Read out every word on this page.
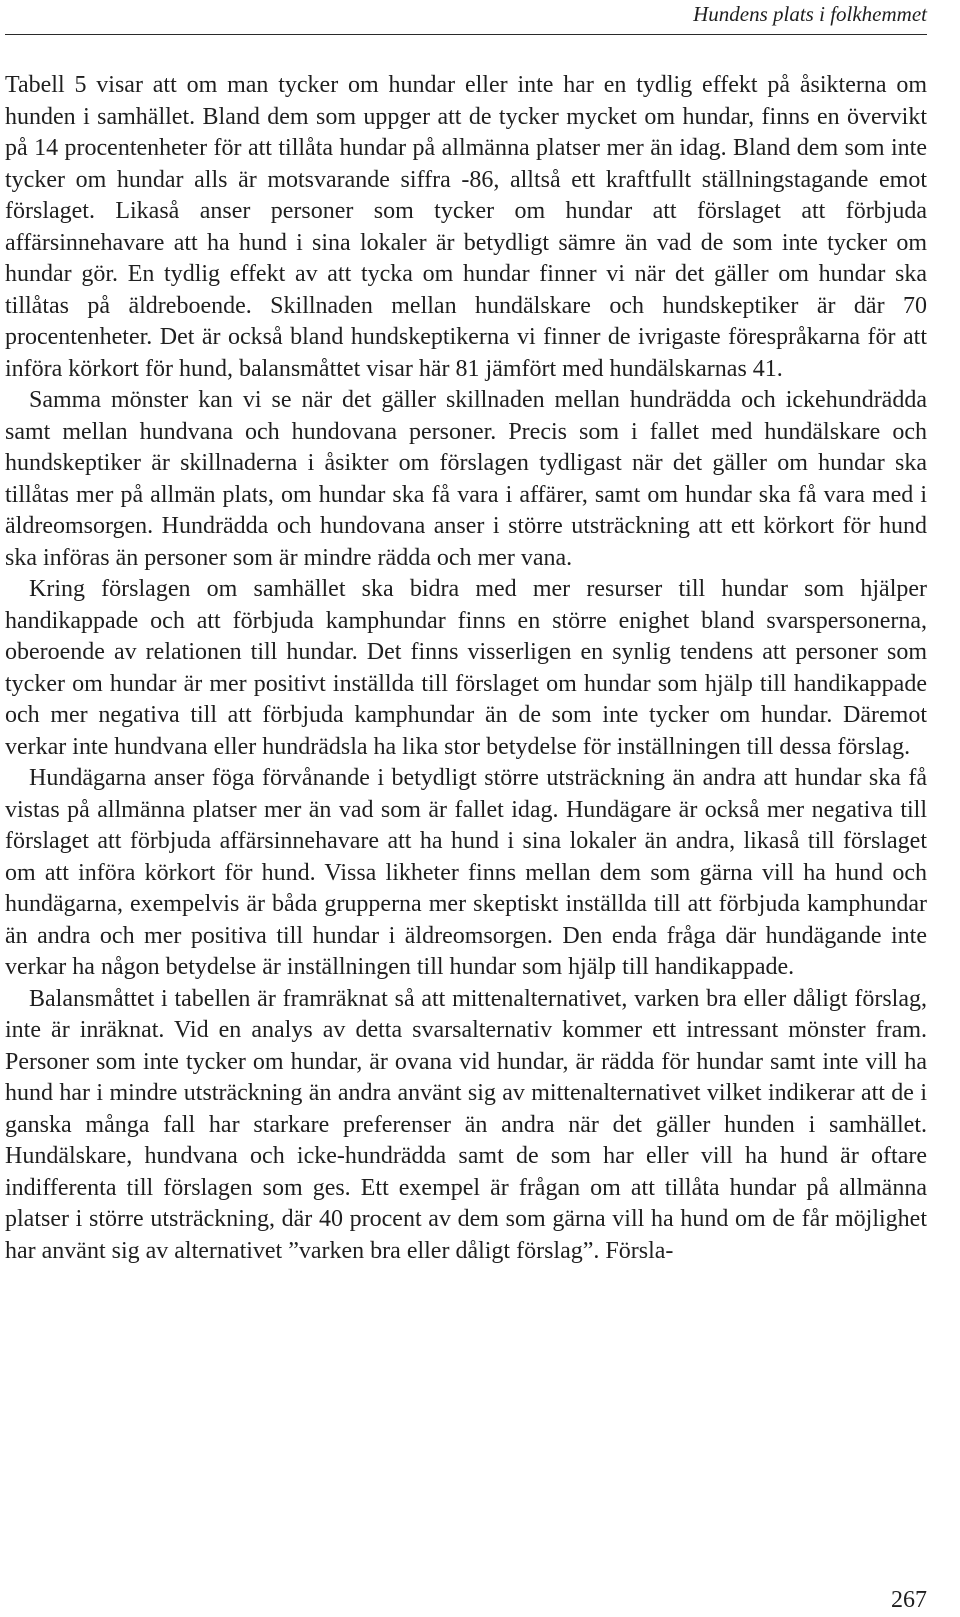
Hundens plats i folkhemmet

Tabell 5 visar att om man tycker om hundar eller inte har en tydlig effekt på åsikterna om hunden i samhället. Bland dem som uppger att de tycker mycket om hundar, finns en övervikt på 14 procentenheter för att tillåta hundar på allmänna platser mer än idag. Bland dem som inte tycker om hundar alls är motsvarande siffra -86, alltså ett kraftfullt ställningstagande emot förslaget. Likaså anser personer som tycker om hundar att förslaget att förbjuda affärsinnehavare att ha hund i sina lokaler är betydligt sämre än vad de som inte tycker om hundar gör. En tydlig effekt av att tycka om hundar finner vi när det gäller om hundar ska tillåtas på äldreboende. Skillnaden mellan hundälskare och hundskeptiker är där 70 procentenheter. Det är också bland hundskeptikerna vi finner de ivrigaste förespråkarna för att införa körkort för hund, balansmåttet visar här 81 jämfört med hundälskarnas 41.

Samma mönster kan vi se när det gäller skillnaden mellan hundrädda och ickehundrädda samt mellan hundvana och hundovana personer. Precis som i fallet med hundälskare och hundskeptiker är skillnaderna i åsikter om förslagen tydligast när det gäller om hundar ska tillåtas mer på allmän plats, om hundar ska få vara i affärer, samt om hundar ska få vara med i äldreomsorgen. Hundrädda och hundovana anser i större utsträckning att ett körkort för hund ska införas än personer som är mindre rädda och mer vana.

Kring förslagen om samhället ska bidra med mer resurser till hundar som hjälper handikappade och att förbjuda kamphundar finns en större enighet bland svarspersonerna, oberoende av relationen till hundar. Det finns visserligen en synlig tendens att personer som tycker om hundar är mer positivt inställda till förslaget om hundar som hjälp till handikappade och mer negativa till att förbjuda kamphundar än de som inte tycker om hundar. Däremot verkar inte hundvana eller hundrädsla ha lika stor betydelse för inställningen till dessa förslag.

Hundägarna anser föga förvånande i betydligt större utsträckning än andra att hundar ska få vistas på allmänna platser mer än vad som är fallet idag. Hundägare är också mer negativa till förslaget att förbjuda affärsinnehavare att ha hund i sina lokaler än andra, likaså till förslaget om att införa körkort för hund. Vissa likheter finns mellan dem som gärna vill ha hund och hundägarna, exempelvis är båda grupperna mer skeptiskt inställda till att förbjuda kamphundar än andra och mer positiva till hundar i äldreomsorgen. Den enda fråga där hundägande inte verkar ha någon betydelse är inställningen till hundar som hjälp till handikappade.

Balansmåttet i tabellen är framräknat så att mittenalternativet, varken bra eller dåligt förslag, inte är inräknat. Vid en analys av detta svarsalternativ kommer ett intressant mönster fram. Personer som inte tycker om hundar, är ovana vid hundar, är rädda för hundar samt inte vill ha hund har i mindre utsträckning än andra använt sig av mittenalternativet vilket indikerar att de i ganska många fall har starkare preferenser än andra när det gäller hunden i samhället. Hundälskare, hundvana och icke-hundrädda samt de som har eller vill ha hund är oftare indifferenta till förslagen som ges. Ett exempel är frågan om att tillåta hundar på allmänna platser i större utsträckning, där 40 procent av dem som gärna vill ha hund om de får möjlighet har använt sig av alternativet ”varken bra eller dåligt förslag”. Försla-

267
